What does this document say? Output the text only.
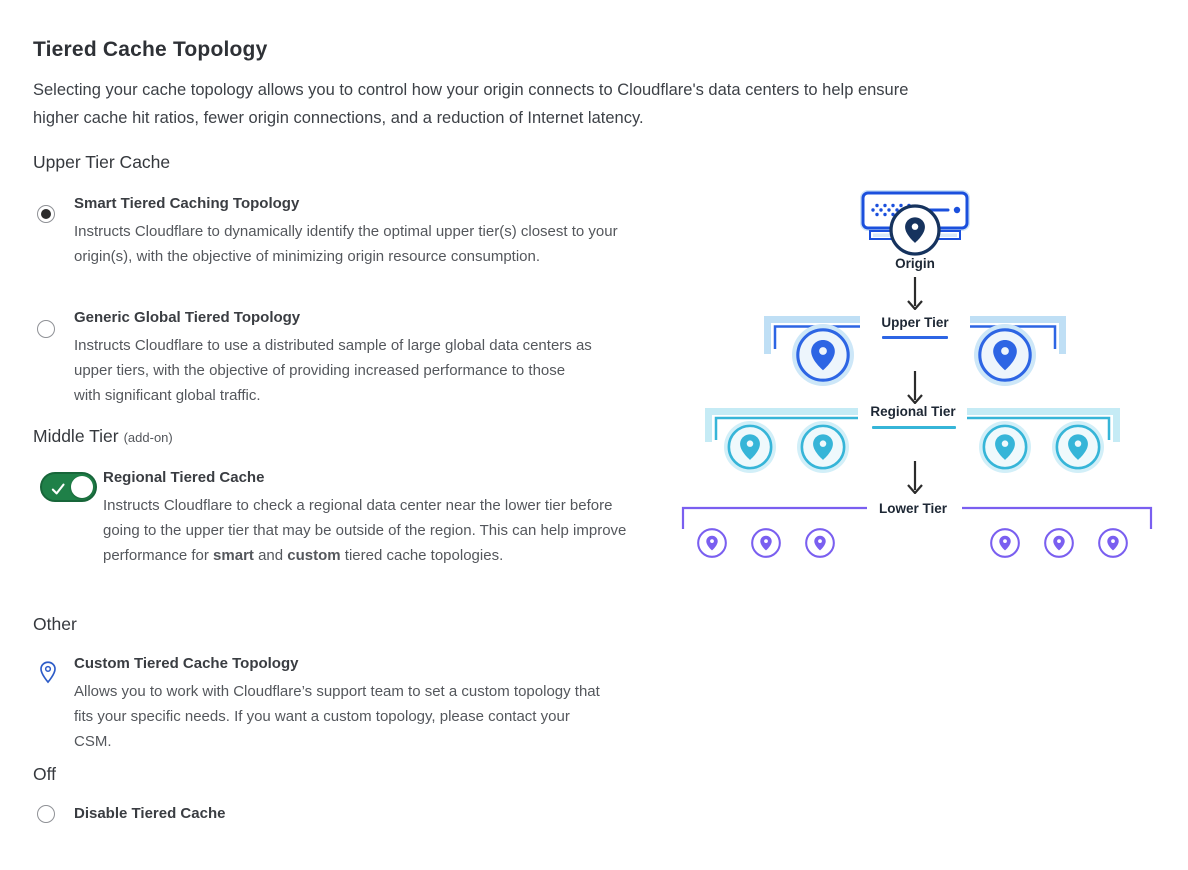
Tiered Cache Topology

Selecting your cache topology allows you to control how your origin connects to Cloudflare's data centers to help ensure higher cache hit ratios, fewer origin connections, and a reduction of Internet latency.

Upper Tier Cache
Smart Tiered Caching Topology

Instructs Cloudflare to dynamically identify the optimal upper tier(s) closest to your origin(s), with the objective of minimizing origin resource consumption.

Generic Global Tiered Topology

Instructs Cloudflare to use a distributed sample of large global data centers as upper tiers, with the objective of providing increased performance to those with significant global traffic.

Middle Tier (add-on)
Regional Tiered Cache

Instructs Cloudflare to check a regional data center near the lower tier before going to the upper tier that may be outside of the region. This can help improve performance for smart and custom tiered cache topologies.

Other
Custom Tiered Cache Topology

Allows you to work with Cloudflare’s support team to set a custom topology that fits your specific needs. If you want a custom topology, please contact your CSM.

Off
Disable Tiered Cache
Origin
Upper Tier
Regional Tier
Lower Tier
